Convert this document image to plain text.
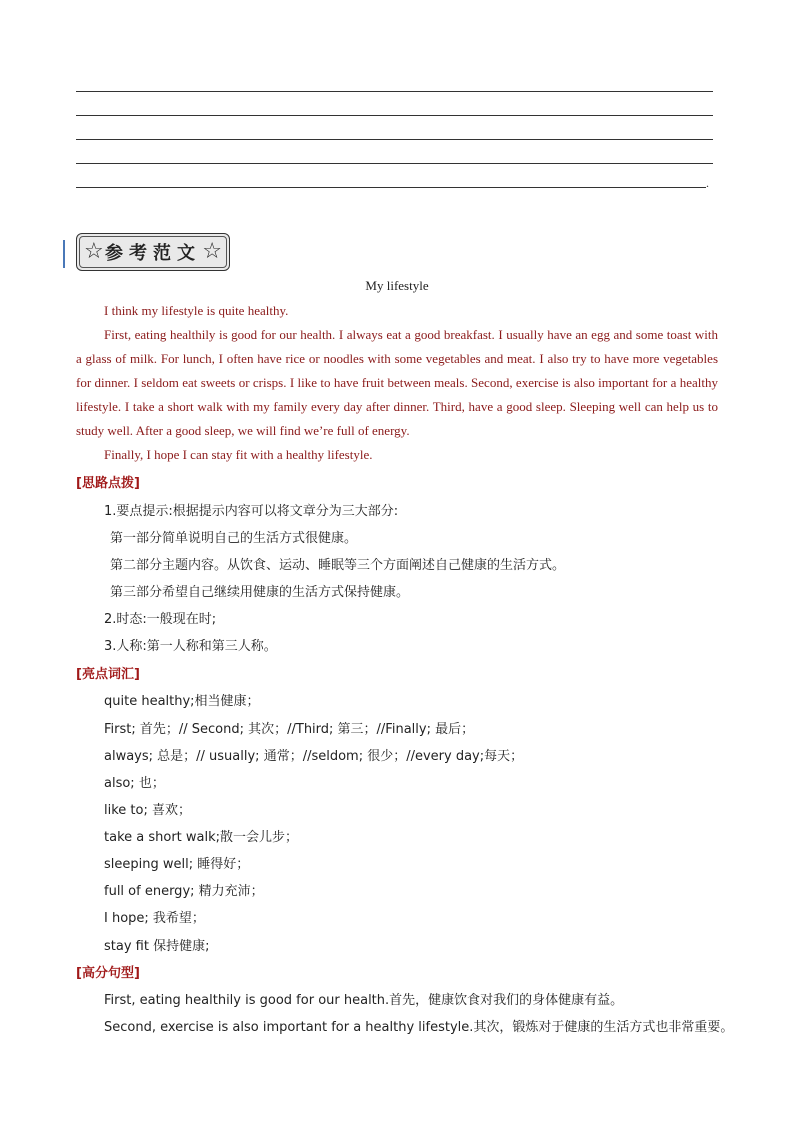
.
☆ 参考范文 ☆
My lifestyle

I think my lifestyle is quite healthy.

First, eating healthily is good for our health. I always eat a good breakfast. I usually have an egg and some toast with a glass of milk. For lunch, I often have rice or noodles with some vegetables and meat. I also try to have more vegetables for dinner. I seldom eat sweets or crisps. I like to have fruit between meals. Second, exercise is also important for a healthy lifestyle. I take a short walk with my family every day after dinner. Third, have a good sleep. Sleeping well can help us to study well. After a good sleep, we will find we’re full of energy.

Finally, I hope I can stay fit with a healthy lifestyle.

[思路点拨]
1.要点提示:根据提示内容可以将文章分为三大部分:
第一部分简单说明自己的生活方式很健康。
第二部分主题内容。从饮食、运动、睡眠等三个方面阐述自己健康的生活方式。
第三部分希望自己继续用健康的生活方式保持健康。
2.时态:一般现在时;
3.人称:第一人称和第三人称。
[亮点词汇]
quite healthy;相当健康；
First; 首先；// Second; 其次；//Third; 第三；//Finally; 最后；
always; 总是；// usually; 通常；//seldom; 很少；//every day;每天；
also; 也；
like to; 喜欢；
take a short walk;散一会儿步；
sleeping well; 睡得好；
full of energy; 精力充沛；
I hope; 我希望；
stay fit 保持健康;
[高分句型]
First, eating healthily is good for our health.首先，健康饮食对我们的身体健康有益。
Second, exercise is also important for a healthy lifestyle.其次，锻炼对于健康的生活方式也非常重要。
